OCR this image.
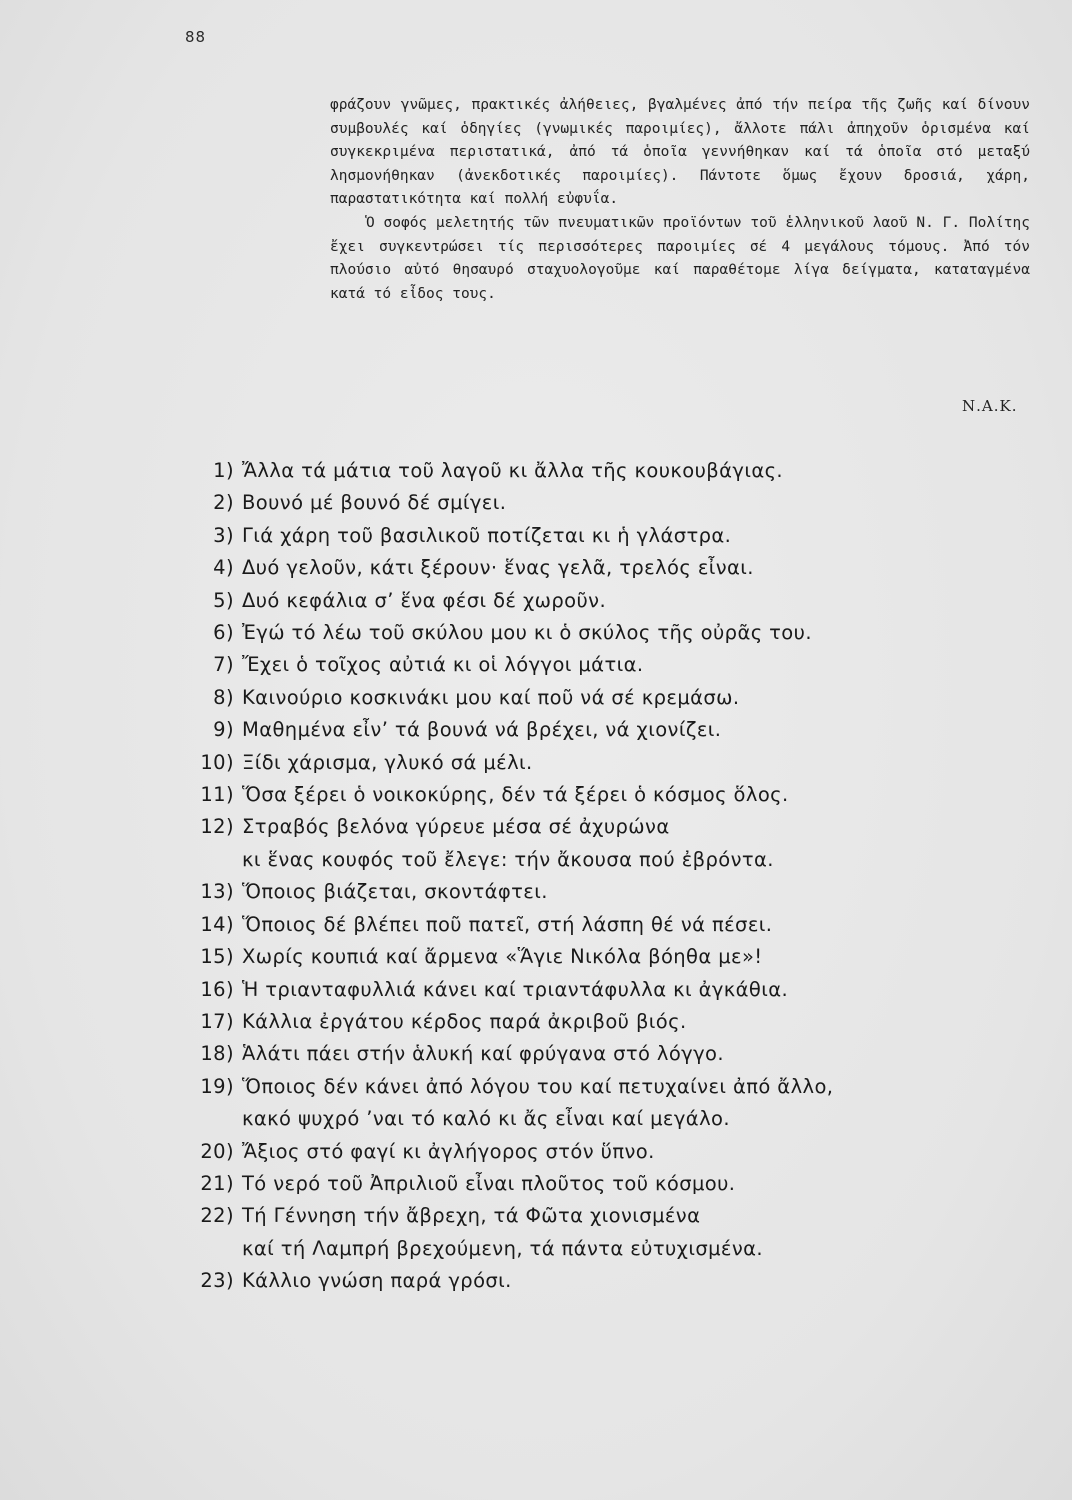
88

φράζουν γνῶμες, πρακτικές ἀλήθειες, βγαλμένες ἀπό τήν πείρα τῆς ζωῆς καί δίνουν συμβουλές καί ὁδηγίες (γνωμικές παροιμίες), ἄλλοτε πάλι ἀπηχοῦν ὁρισμένα καί συγκεκριμένα περιστατικά, ἀπό τά ὁποῖα γεννήθηκαν καί τά ὁποῖα στό μεταξύ λησμονήθηκαν (ἀνεκδοτικές παροιμίες). Πάντοτε ὅμως ἔχουν δροσιά, χάρη, παραστατικότητα καί πολλή εὐφυΐα.

Ὁ σοφός μελετητής τῶν πνευματικῶν προϊόντων τοῦ ἑλληνικοῦ λαοῦ Ν. Γ. Πολίτης ἔχει συγκεντρώσει τίς περισσότερες παροιμίες σέ 4 μεγάλους τόμους. Ἀπό τόν πλούσιο αὐτό θησαυρό σταχυολογοῦμε καί παραθέτομε λίγα δείγματα, καταταγμένα κατά τό εἶδος τους.

Ν.Α.Κ.
1) Ἄλλα τά μάτια τοῦ λαγοῦ κι ἄλλα τῆς κουκουβάγιας.
2) Βουνό μέ βουνό δέ σμίγει.
3) Γιά χάρη τοῦ βασιλικοῦ ποτίζεται κι ἡ γλάστρα.
4) Δυό γελοῦν, κάτι ξέρουν· ἕνας γελᾶ, τρελός εἶναι.
5) Δυό κεφάλια σ’ ἕνα φέσι δέ χωροῦν.
6) Ἐγώ τό λέω τοῦ σκύλου μου κι ὁ σκύλος τῆς οὐρᾶς του.
7) Ἔχει ὁ τοῖχος αὐτιά κι οἱ λόγγοι μάτια.
8) Καινούριο κοσκινάκι μου καί ποῦ νά σέ κρεμάσω.
9) Μαθημένα εἶν’ τά βουνά νά βρέχει, νά χιονίζει.
10) Ξίδι χάρισμα, γλυκό σά μέλι.
11) Ὅσα ξέρει ὁ νοικοκύρης, δέν τά ξέρει ὁ κόσμος ὅλος.
12) Στραβός βελόνα γύρευε μέσα σέ ἀχυρώνα
κι ἕνας κουφός τοῦ ἔλεγε: τήν ἄκουσα πού ἐβρόντα.
13) Ὅποιος βιάζεται, σκοντάφτει.
14) Ὅποιος δέ βλέπει ποῦ πατεῖ, στή λάσπη θέ νά πέσει.
15) Χωρίς κουπιά καί ἄρμενα «Ἅγιε Νικόλα βόηθα με»!
16) Ἡ τριανταφυλλιά κάνει καί τριαντάφυλλα κι ἀγκάθια.
17) Κάλλια ἐργάτου κέρδος παρά ἀκριβοῦ βιός.
18) Ἁλάτι πάει στήν ἁλυκή καί φρύγανα στό λόγγο.
19) Ὅποιος δέν κάνει ἀπό λόγου του καί πετυχαίνει ἀπό ἄλλο,
κακό ψυχρό ’ναι τό καλό κι ἄς εἶναι καί μεγάλο.
20) Ἄξιος στό φαγί κι ἀγλήγορος στόν ὕπνο.
21) Τό νερό τοῦ Ἀπριλιοῦ εἶναι πλοῦτος τοῦ κόσμου.
22) Τή Γέννηση τήν ἄβρεχη, τά Φῶτα χιονισμένα
καί τή Λαμπρή βρεχούμενη, τά πάντα εὐτυχισμένα.
23) Κάλλιο γνώση παρά γρόσι.
